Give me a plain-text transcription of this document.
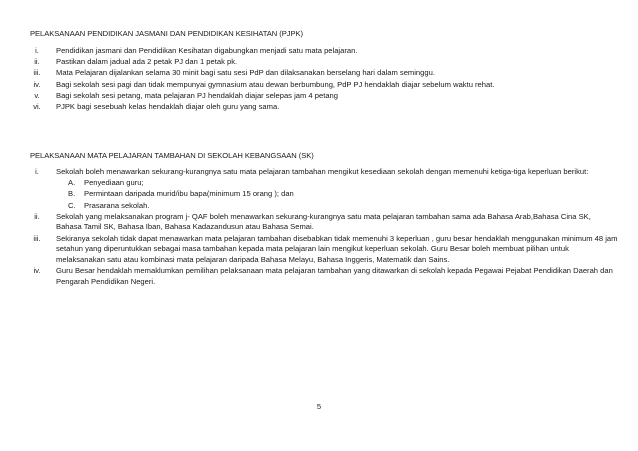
PELAKSANAAN PENDIDIKAN JASMANI DAN PENDIDIKAN KESIHATAN (PJPK)
i.	Pendidikan jasmani dan Pendidikan Kesihatan digabungkan menjadi satu mata pelajaran.
ii.	Pastikan dalam jadual ada 2 petak PJ dan 1 petak pk.
iii.	Mata Pelajaran dijalankan selama 30 minit bagi satu sesi PdP dan dilaksanakan berselang hari dalam seminggu.
iv.	Bagi sekolah sesi pagi dan tidak mempunyai gymnasium atau dewan berbumbung, PdP PJ hendaklah diajar sebelum waktu rehat.
v.	Bagi sekolah sesi petang, mata pelajaran PJ hendaklah diajar selepas jam 4 petang
vi.	PJPK bagi sesebuah kelas hendaklah diajar oleh guru yang sama.
PELAKSANAAN MATA PELAJARAN TAMBAHAN DI SEKOLAH KEBANGSAAN (SK)
i.	Sekolah boleh menawarkan sekurang-kurangnya satu mata pelajaran tambahan mengikut kesediaan sekolah dengan memenuhi ketiga-tiga keperluan berikut:
A. Penyediaan guru;
B. Permintaan daripada murid/ibu bapa(minimum 15 orang ); dan
C. Prasarana sekolah.
ii.	Sekolah yang melaksanakan program j- QAF boleh menawarkan sekurang-kurangnya satu mata pelajaran tambahan sama ada Bahasa Arab,Bahasa Cina SK, Bahasa Tamil SK, Bahasa Iban, Bahasa Kadazandusun atau Bahasa Semai.
iii.	Sekiranya sekolah tidak dapat menawarkan mata pelajaran tambahan disebabkan tidak memenuhi 3 keperluan , guru besar hendaklah menggunakan minimum 48 jam setahun yang diperuntukkan sebagai masa tambahan kepada mata pelajaran lain mengikut keperluan sekolah. Guru Besar boleh membuat pilihan untuk melaksanakan satu atau kombinasi mata pelajaran daripada Bahasa Melayu, Bahasa Inggeris, Matematik dan Sains.
iv.	Guru Besar hendaklah memaklumkan pemilihan pelaksanaan mata pelajaran tambahan yang ditawarkan di sekolah kepada Pegawai Pejabat Pendidikan Daerah dan Pengarah Pendidikan Negeri.
5
